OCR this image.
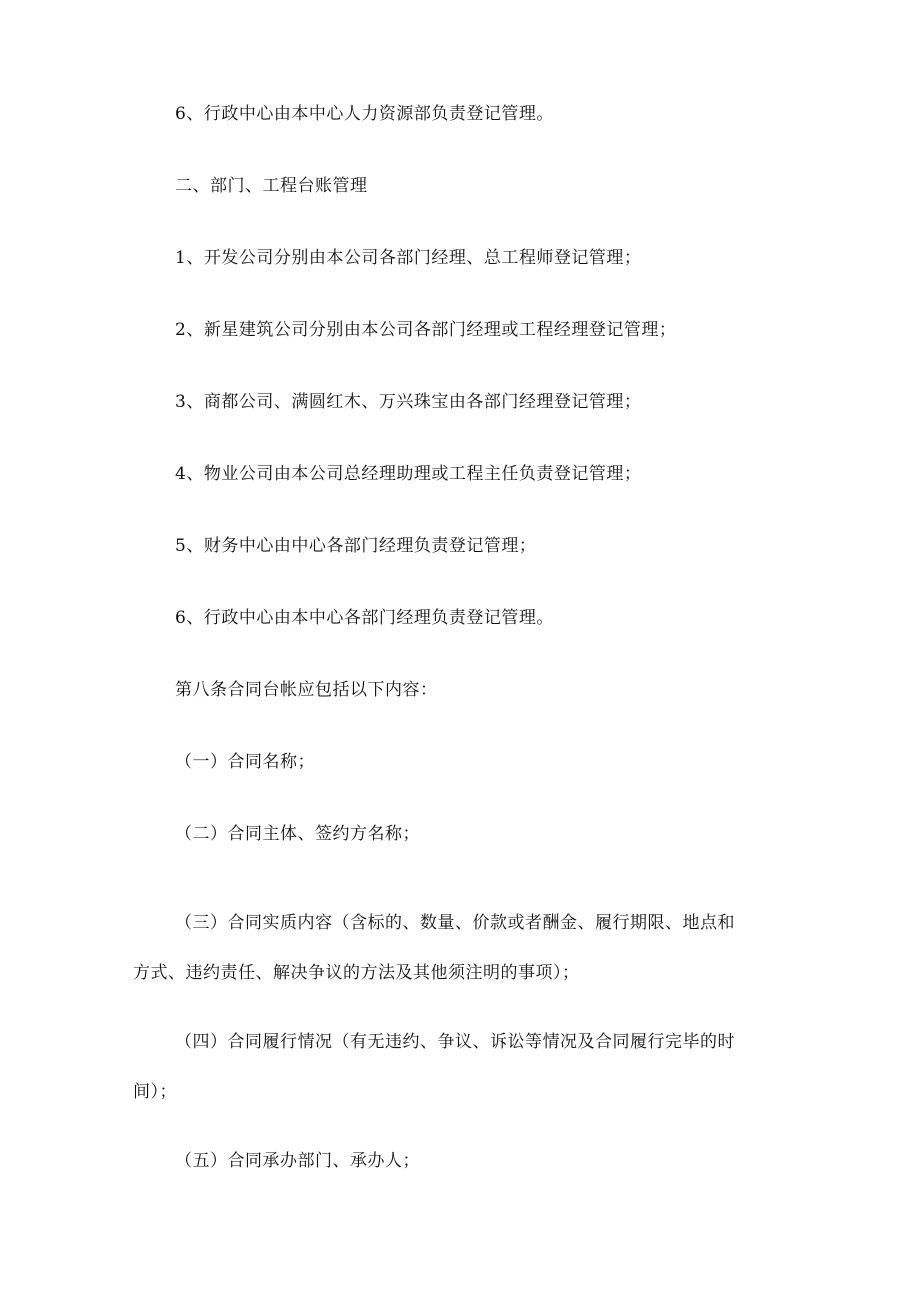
6、行政中心由本中心人力资源部负责登记管理。
二、部门、工程台账管理
1、开发公司分别由本公司各部门经理、总工程师登记管理；
2、新星建筑公司分别由本公司各部门经理或工程经理登记管理；
3、商都公司、满圆红木、万兴珠宝由各部门经理登记管理；
4、物业公司由本公司总经理助理或工程主任负责登记管理；
5、财务中心由中心各部门经理负责登记管理；
6、行政中心由本中心各部门经理负责登记管理。
第八条合同台帐应包括以下内容：
（一）合同名称；
（二）合同主体、签约方名称；
（三）合同实质内容（含标的、数量、价款或者酬金、履行期限、地点和
方式、违约责任、解决争议的方法及其他须注明的事项）；
（四）合同履行情况（有无违约、争议、诉讼等情况及合同履行完毕的时
间）；
（五）合同承办部门、承办人；
